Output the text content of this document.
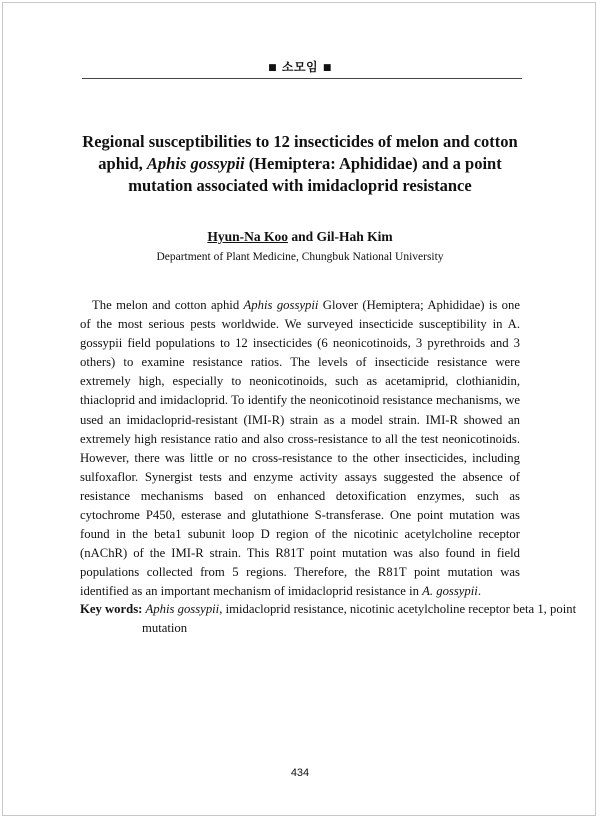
■ 소모임 ■
Regional susceptibilities to 12 insecticides of melon and cotton
aphid, Aphis gossypii (Hemiptera: Aphididae) and a point
mutation associated with imidacloprid resistance
Hyun-Na Koo and Gil-Hah Kim
Department of Plant Medicine, Chungbuk National University

The melon and cotton aphid Aphis gossypii Glover (Hemiptera; Aphididae) is one of the most serious pests worldwide. We surveyed insecticide susceptibility in A. gossypii field populations to 12 insecticides (6 neonicotinoids, 3 pyrethroids and 3 others) to examine resistance ratios. The levels of insecticide resistance were extremely high, especially to neonicotinoids, such as acetamiprid, clothianidin, thiacloprid and imidacloprid. To identify the neonicotinoid resistance mechanisms, we used an imidacloprid-resistant (IMI-R) strain as a model strain. IMI-R showed an extremely high resistance ratio and also cross-resistance to all the test neonicotinoids. However, there was little or no cross-resistance to the other insecticides, including sulfoxaflor. Synergist tests and enzyme activity assays suggested the absence of resistance mechanisms based on enhanced detoxification enzymes, such as cytochrome P450, esterase and glutathione S-transferase. One point mutation was found in the beta1 subunit loop D region of the nicotinic acetylcholine receptor (nAChR) of the IMI-R strain. This R81T point mutation was also found in field populations collected from 5 regions. Therefore, the R81T point mutation was identified as an important mechanism of imidacloprid resistance in A. gossypii.

Key words: Aphis gossypii, imidacloprid resistance, nicotinic acetylcholine receptor beta 1, point mutation
434
